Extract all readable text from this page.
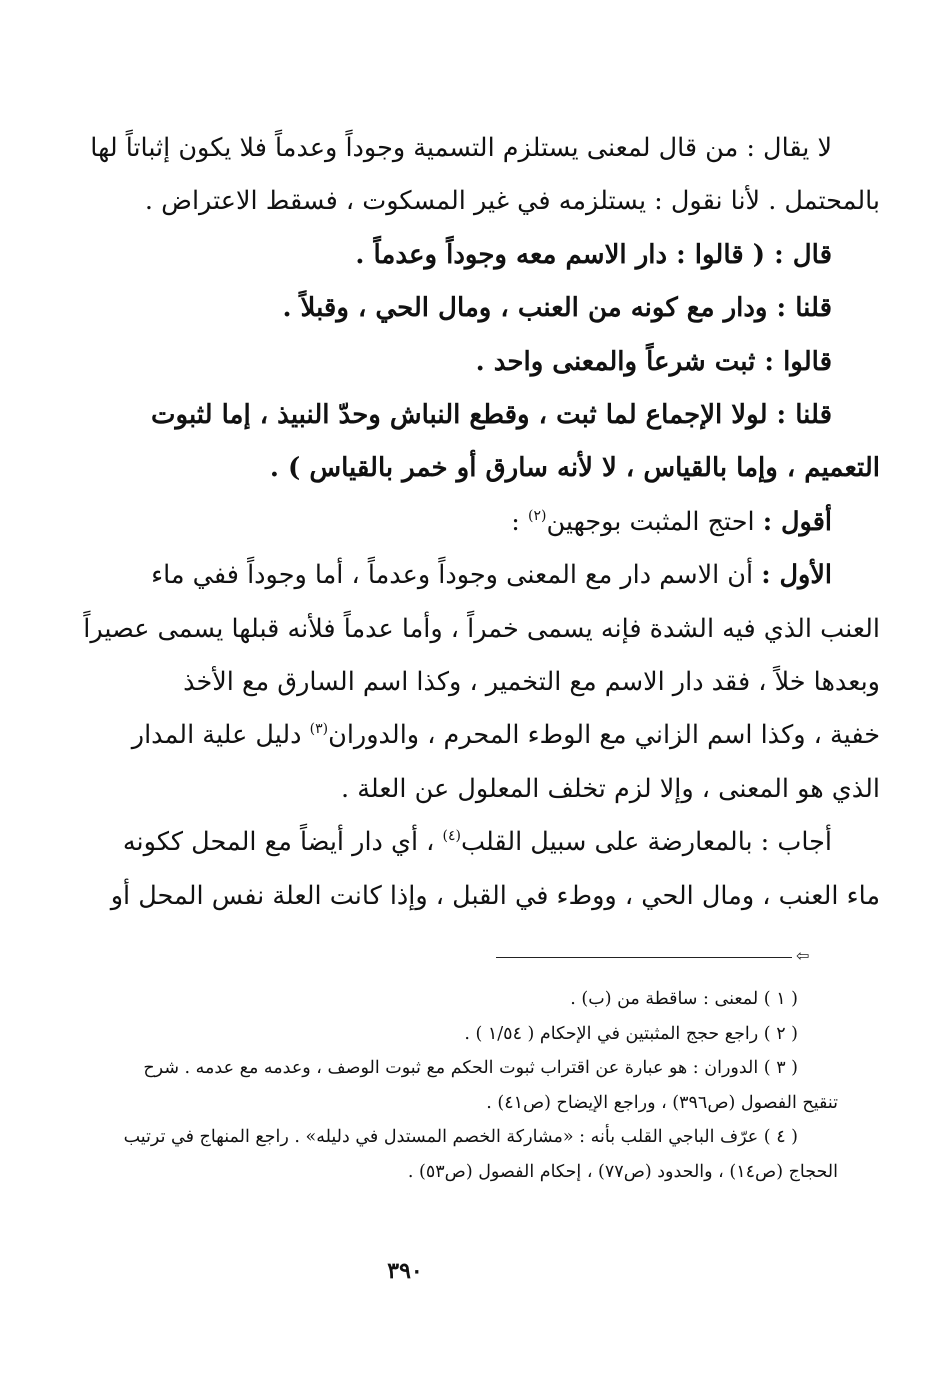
لا يقال : من قال لمعنى يستلزم التسمية وجوداً وعدماً فلا يكون إثباتاً لها

بالمحتمل . لأنا نقول : يستلزمه في غير المسكوت ، فسقط الاعتراض .

قال : ( قالوا : دار الاسم معه وجوداً وعدماً .

قلنا : ودار مع كونه من العنب ، ومال الحي ، وقبلاً .

قالوا : ثبت شرعاً والمعنى واحد .

قلنا : لولا الإجماع لما ثبت ، وقطع النباش وحدّ النبيذ ، إما لثبوت

التعميم ، وإما بالقياس ، لا لأنه سارق أو خمر بالقياس ) .

أقول : احتج المثبت بوجهين$^{(٢)}$ :

الأول : أن الاسم دار مع المعنى وجوداً وعدماً ، أما وجوداً ففي ماء

العنب الذي فيه الشدة فإنه يسمى خمراً ، وأما عدماً فلأنه قبلها يسمى عصيراً

وبعدها خلاً ، فقد دار الاسم مع التخمير ، وكذا اسم السارق مع الأخذ

خفية ، وكذا اسم الزاني مع الوطء المحرم ، والدوران$^{(٣)}$ دليل علية المدار

الذي هو المعنى ، وإلا لزم تخلف المعلول عن العلة .

أجاب : بالمعارضة على سبيل القلب$^{(٤)}$ ، أي دار أيضاً مع المحل ككونه

ماء العنب ، ومال الحي ، ووطء في القبل ، وإذا كانت العلة نفس المحل أو

⇦

( ١ ) لمعنى : ساقطة من (ب) .

( ٢ ) راجع حجج المثبتين في الإحكام ( ١/٥٤ ) .

( ٣ ) الدوران : هو عبارة عن اقتراب ثبوت الحكم مع ثبوت الوصف ، وعدمه مع عدمه . شرح

تنقيح الفصول (ص٣٩٦) ، وراجع الإيضاح (ص٤١) .

( ٤ ) عرّف الباجي القلب بأنه : «مشاركة الخصم المستدل في دليله» . راجع المنهاج في ترتيب

الحجاج (ص١٤) ، والحدود (ص٧٧) ، إحكام الفصول (ص٥٣) .

٣٩٠
